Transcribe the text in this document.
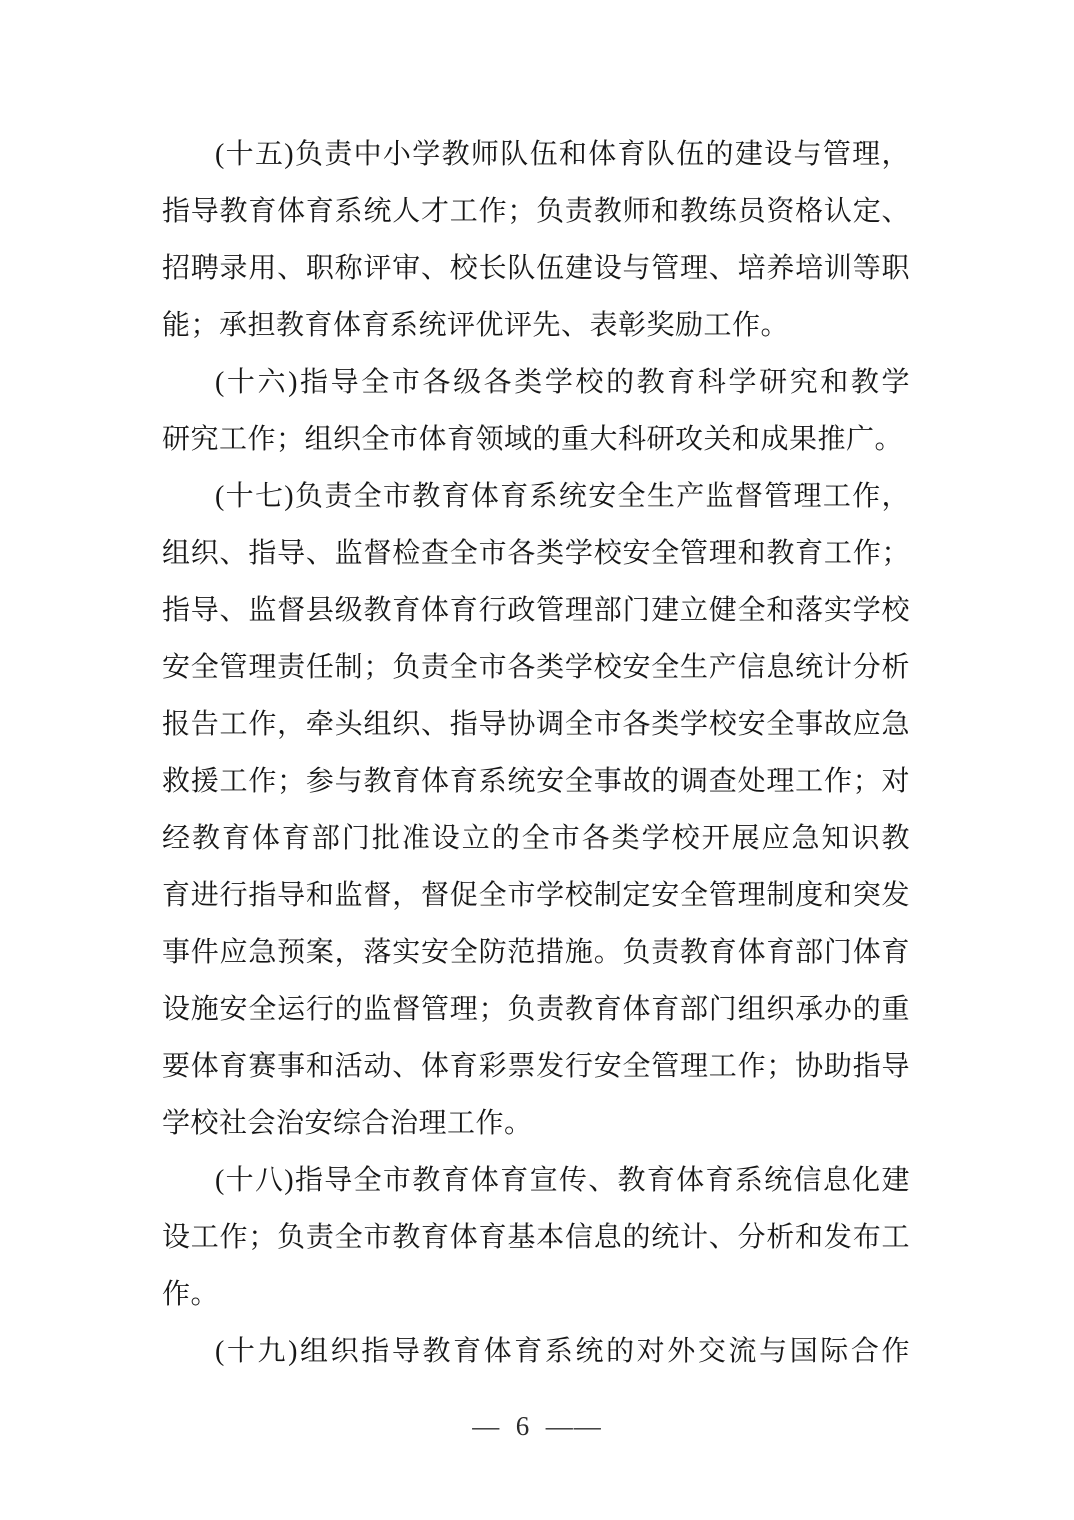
(十五)负责中小学教师队伍和体育队伍的建设与管理，
指导教育体育系统人才工作；负责教师和教练员资格认定、
招聘录用、职称评审、校长队伍建设与管理、培养培训等职
能；承担教育体育系统评优评先、表彰奖励工作。
(十六)指导全市各级各类学校的教育科学研究和教学
研究工作；组织全市体育领域的重大科研攻关和成果推广。
(十七)负责全市教育体育系统安全生产监督管理工作，
组织、指导、监督检查全市各类学校安全管理和教育工作；
指导、监督县级教育体育行政管理部门建立健全和落实学校
安全管理责任制；负责全市各类学校安全生产信息统计分析
报告工作，牵头组织、指导协调全市各类学校安全事故应急
救援工作；参与教育体育系统安全事故的调查处理工作；对
经教育体育部门批准设立的全市各类学校开展应急知识教
育进行指导和监督，督促全市学校制定安全管理制度和突发
事件应急预案，落实安全防范措施。负责教育体育部门体育
设施安全运行的监督管理；负责教育体育部门组织承办的重
要体育赛事和活动、体育彩票发行安全管理工作；协助指导
学校社会治安综合治理工作。
(十八)指导全市教育体育宣传、教育体育系统信息化建
设工作；负责全市教育体育基本信息的统计、分析和发布工
作。
(十九)组织指导教育体育系统的对外交流与国际合作
—  6  ——
